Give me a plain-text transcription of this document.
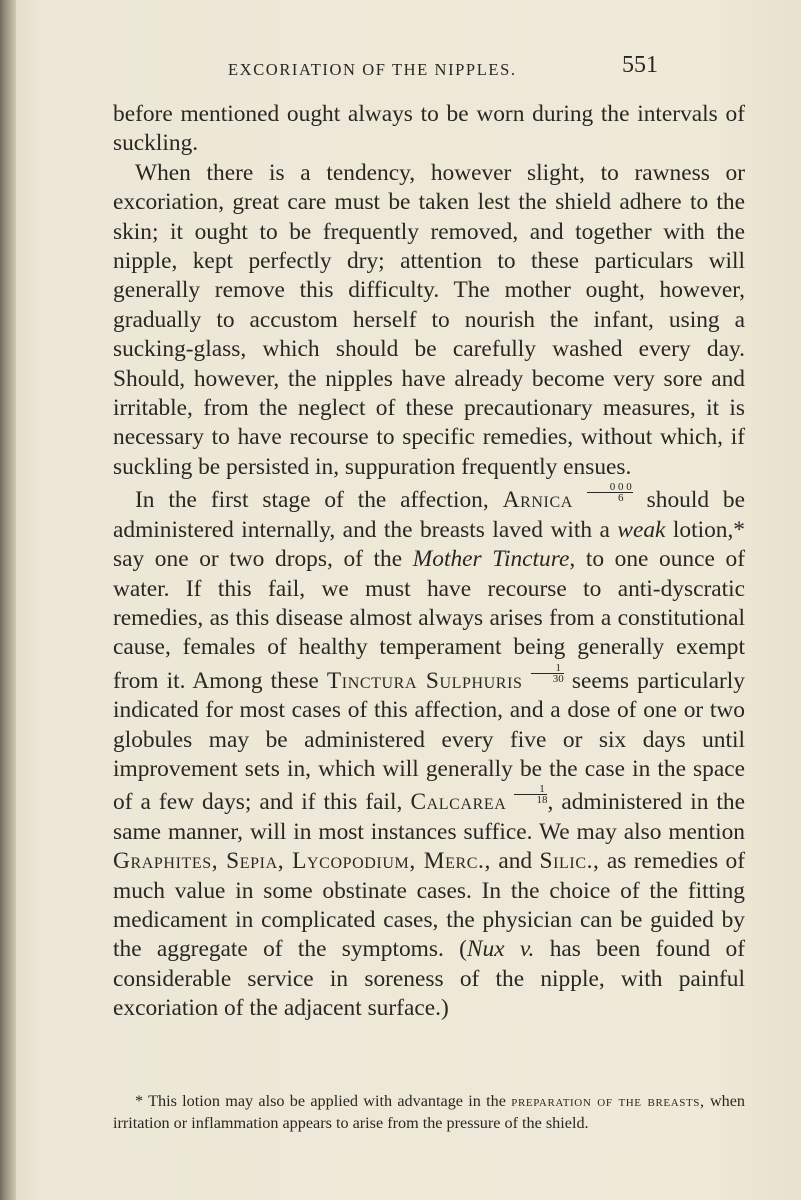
EXCORIATION OF THE NIPPLES.	551

before mentioned ought always to be worn during the intervals of suckling.

When there is a tendency, however slight, to rawness or excoriation, great care must be taken lest the shield adhere to the skin; it ought to be frequently removed, and together with the nipple, kept perfectly dry; attention to these particulars will generally remove this difficulty. The mother ought, however, gradually to accustom herself to nourish the infant, using a sucking-glass, which should be carefully washed every day. Should, however, the nipples have already become very sore and irritable, from the neglect of these precautionary measures, it is necessary to have recourse to specific remedies, without which, if suckling be persisted in, suppuration frequently ensues.

In the first stage of the affection, Arnica $\frac{0 0 0}{6}$ should be administered internally, and the breasts laved with a weak lotion,* say one or two drops, of the Mother Tincture, to one ounce of water. If this fail, we must have recourse to anti-dyscratic remedies, as this disease almost always arises from a constitutional cause, females of healthy temperament being generally exempt from it. Among these Tinctura Sulphuris $\frac{1}{30}$ seems particularly indicated for most cases of this affection, and a dose of one or two globules may be administered every five or six days until improvement sets in, which will generally be the case in the space of a few days; and if this fail, Calcarea $\frac{1}{18}$ , administered in the same manner, will in most instances suffice. We may also mention Graphites, Sepia, Lycopodium, Merc., and Silic., as remedies of much value in some obstinate cases. In the choice of the fitting medicament in complicated cases, the physician can be guided by the aggregate of the symptoms. (Nux v. has been found of considerable service in soreness of the nipple, with painful excoriation of the adjacent surface.)

* This lotion may also be applied with advantage in the preparation of the breasts, when irritation or inflammation appears to arise from the pressure of the shield.
